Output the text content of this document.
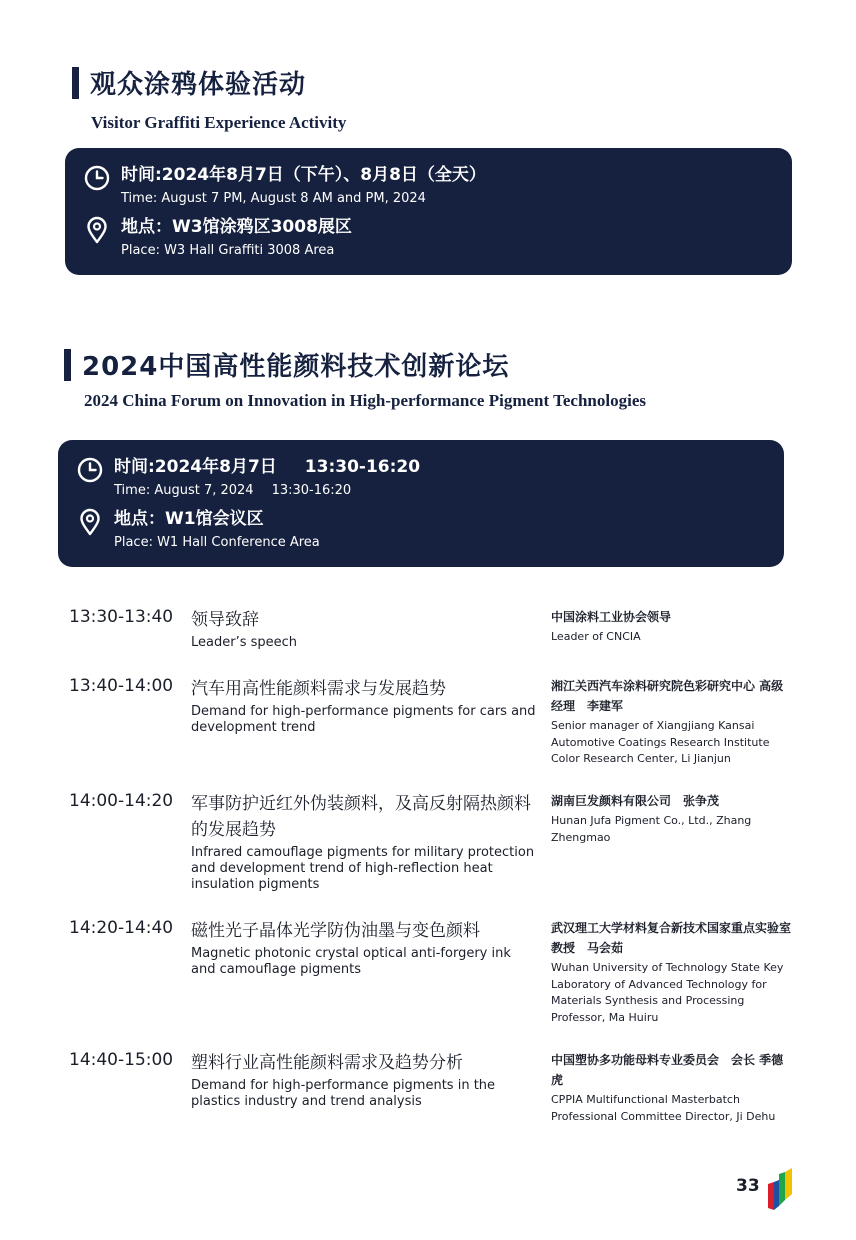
观众涂鸦体验活动
Visitor Graffiti Experience Activity
时间:2024年8月7日（下午）、8月8日（全天）
Time: August 7 PM, August 8 AM and PM, 2024
地点：W3馆涂鸦区3008展区
Place: W3 Hall Graffiti 3008 Area
2024中国高性能颜料技术创新论坛
2024 China Forum on Innovation in High-performance Pigment Technologies
时间:2024年8月7日 13:30-16:20
Time: August 7, 2024 13:30-16:20
地点：W1馆会议区
Place: W1 Hall Conference Area
13:30-13:40 领导致辞
Leader’s speech
中国涂料工业协会领导
Leader of CNCIA
13:40-14:00 汽车用高性能颜料需求与发展趋势
Demand for high-performance pigments for cars and development trend
湘江关西汽车涂料研究院色彩研究中心 高级经理　李建军
Senior manager of Xiangjiang Kansai Automotive Coatings Research Institute Color Research Center, Li Jianjun
14:00-14:20 军事防护近红外伪装颜料，及高反射隔热颜料的发展趋势
Infrared camouflage pigments for military protection and development trend of high-reflection heat insulation pigments
湖南巨发颜料有限公司　张争茂
Hunan Jufa Pigment Co., Ltd., Zhang Zhengmao
14:20-14:40 磁性光子晶体光学防伪油墨与变色颜料
Magnetic photonic crystal optical anti-forgery ink and camouflage pigments
武汉理工大学材料复合新技术国家重点实验室　教授　马会茹
Wuhan University of Technology State Key Laboratory of Advanced Technology for Materials Synthesis and Processing Professor, Ma Huiru
14:40-15:00 塑料行业高性能颜料需求及趋势分析
Demand for high-performance pigments in the plastics industry and trend analysis
中国塑协多功能母料专业委员会　会长 季德虎
CPPIA Multifunctional Masterbatch Professional Committee Director, Ji Dehu
33
